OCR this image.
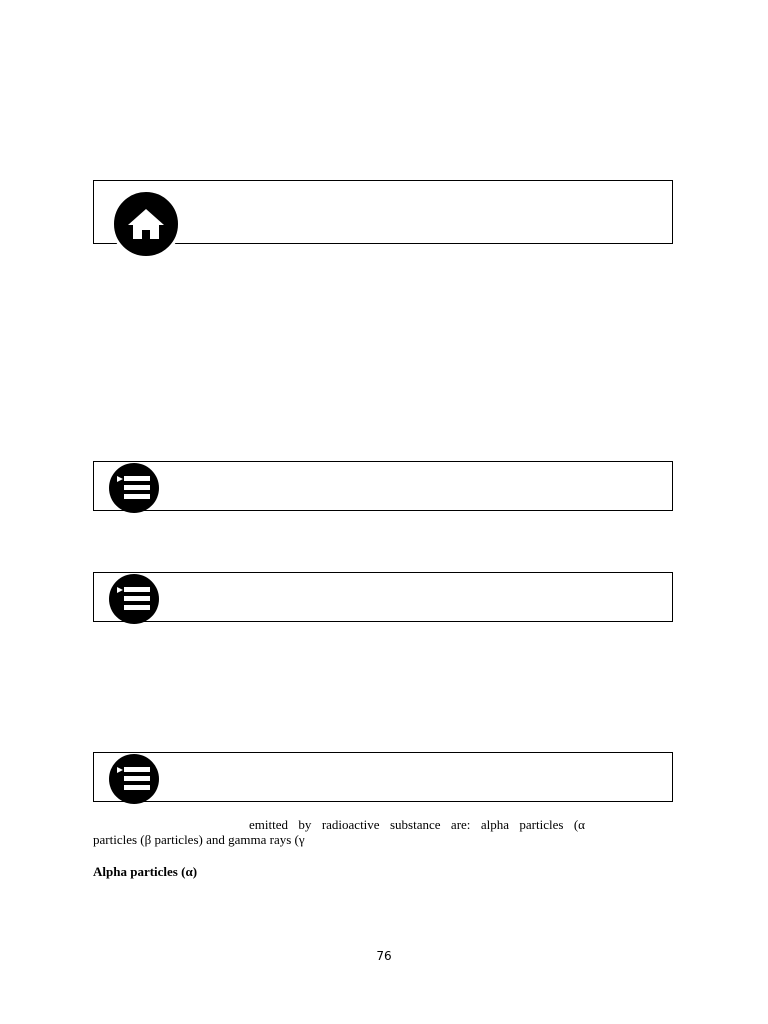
emitted by radioactive substance are: alpha particles (α
particles (β particles) and gamma rays (γ
Alpha particles (α)
76
